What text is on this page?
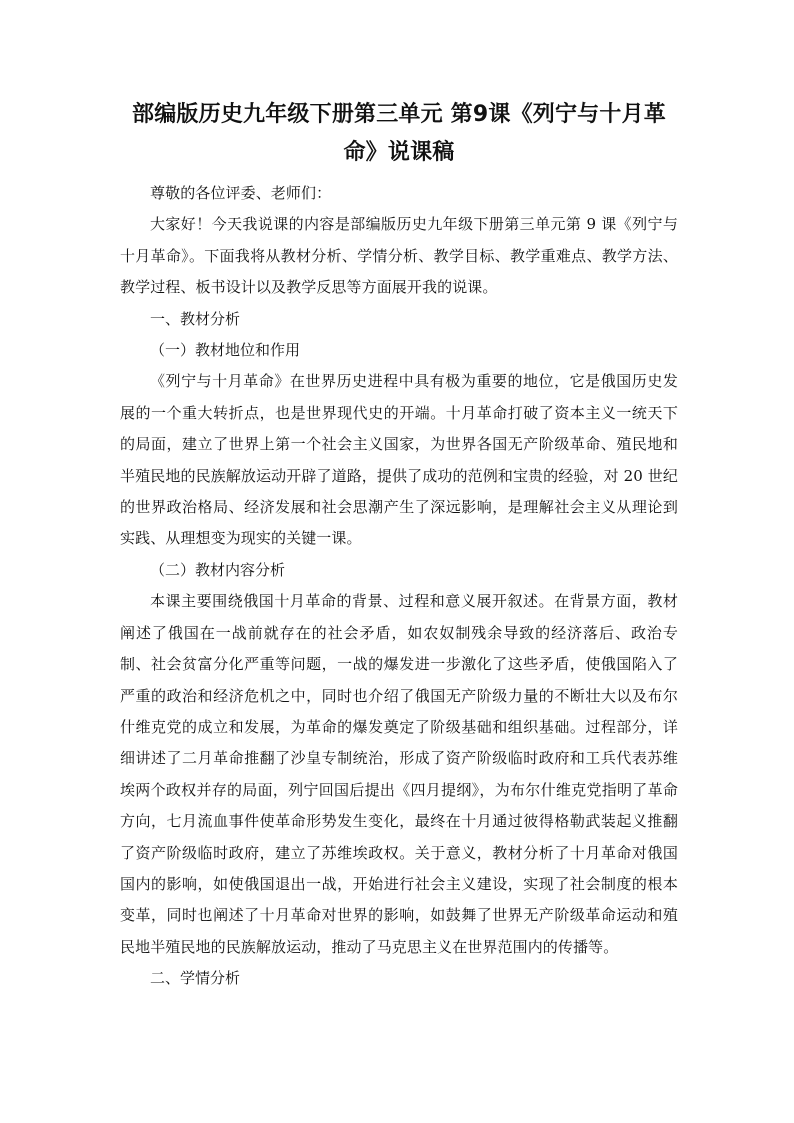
部编版历史九年级下册第三单元 第9课《列宁与十月革命》说课稿

尊敬的各位评委、老师们：

大家好！今天我说课的内容是部编版历史九年级下册第三单元第 9 课《列宁与十月革命》。下面我将从教材分析、学情分析、教学目标、教学重难点、教学方法、教学过程、板书设计以及教学反思等方面展开我的说课。

一、教材分析

（一）教材地位和作用

《列宁与十月革命》在世界历史进程中具有极为重要的地位，它是俄国历史发展的一个重大转折点，也是世界现代史的开端。十月革命打破了资本主义一统天下的局面，建立了世界上第一个社会主义国家，为世界各国无产阶级革命、殖民地和半殖民地的民族解放运动开辟了道路，提供了成功的范例和宝贵的经验，对 20 世纪的世界政治格局、经济发展和社会思潮产生了深远影响，是理解社会主义从理论到实践、从理想变为现实的关键一课。

（二）教材内容分析

本课主要围绕俄国十月革命的背景、过程和意义展开叙述。在背景方面，教材阐述了俄国在一战前就存在的社会矛盾，如农奴制残余导致的经济落后、政治专制、社会贫富分化严重等问题，一战的爆发进一步激化了这些矛盾，使俄国陷入了严重的政治和经济危机之中，同时也介绍了俄国无产阶级力量的不断壮大以及布尔什维克党的成立和发展，为革命的爆发奠定了阶级基础和组织基础。过程部分，详细讲述了二月革命推翻了沙皇专制统治，形成了资产阶级临时政府和工兵代表苏维埃两个政权并存的局面，列宁回国后提出《四月提纲》，为布尔什维克党指明了革命方向，七月流血事件使革命形势发生变化，最终在十月通过彼得格勒武装起义推翻了资产阶级临时政府，建立了苏维埃政权。关于意义，教材分析了十月革命对俄国国内的影响，如使俄国退出一战，开始进行社会主义建设，实现了社会制度的根本变革，同时也阐述了十月革命对世界的影响，如鼓舞了世界无产阶级革命运动和殖民地半殖民地的民族解放运动，推动了马克思主义在世界范围内的传播等。

二、学情分析
